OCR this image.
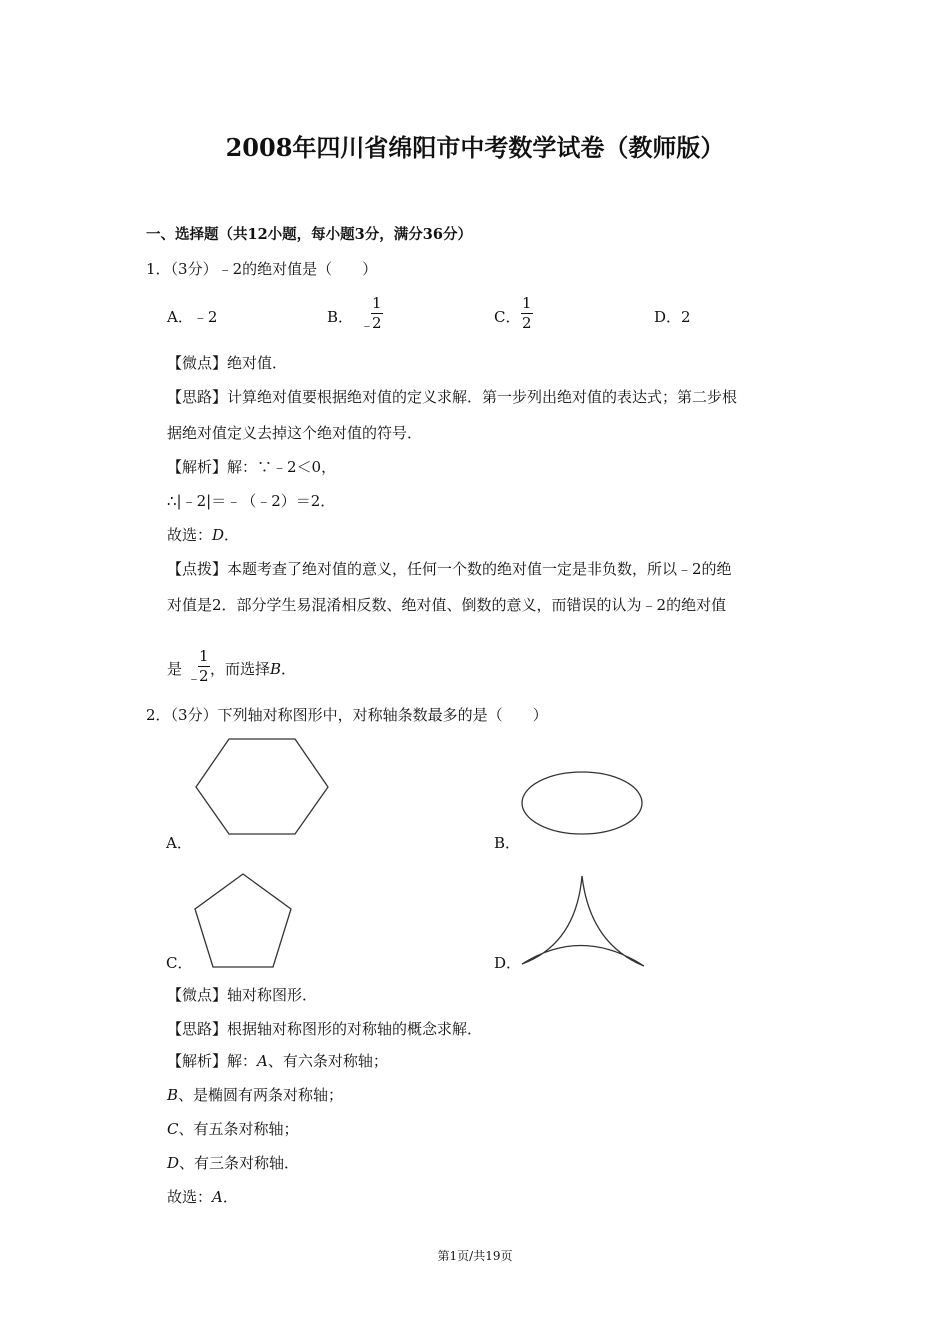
2008年四川省绵阳市中考数学试卷（教师版）
一、选择题（共12小题，每小题3分，满分36分）
1．（3分）﹣2的绝对值是（　　）
A．﹣2	B． ﹣
1
2	C．
1
2	D．2
【微点】绝对值．
【思路】计算绝对值要根据绝对值的定义求解．第一步列出绝对值的表达式；第二步根
据绝对值定义去掉这个绝对值的符号．
【解析】解：∵﹣2＜0，
∴|﹣2|＝﹣（﹣2）＝2．
故选：D．
【点拨】本题考查了绝对值的意义，任何一个数的绝对值一定是非负数，所以﹣2的绝
对值是2．部分学生易混淆相反数、绝对值、倒数的意义，而错误的认为﹣2的绝对值
是
﹣
1
2 ，而选择B．
2．（3分）下列轴对称图形中，对称轴条数最多的是（　　）
A．	B．
C．	D．
【微点】轴对称图形．
【思路】根据轴对称图形的对称轴的概念求解．
【解析】解：A、有六条对称轴；
B、是椭圆有两条对称轴；
C、有五条对称轴；
D、有三条对称轴．
故选：A．
第1页/共19页
